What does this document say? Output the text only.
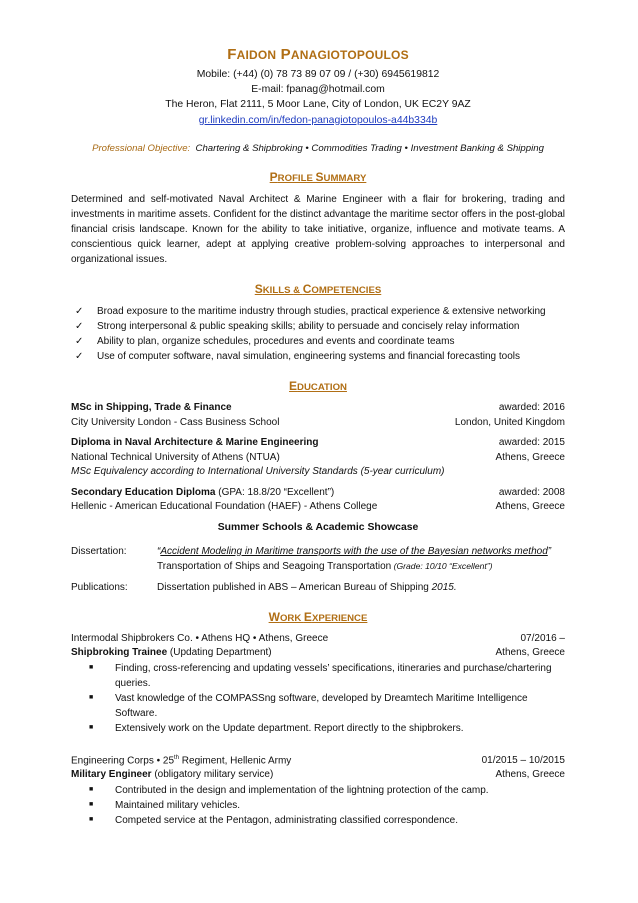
FAIDON PANAGIOTOPOULOS
Mobile: (+44) (0) 78 73 89 07 09 / (+30) 6945619812
E-mail: fpanag@hotmail.com
The Heron, Flat 2111, 5 Moor Lane, City of London, UK EC2Y 9AZ
gr.linkedin.com/in/fedon-panagiotopoulos-a44b334b
Professional Objective: Chartering & Shipbroking • Commodities Trading • Investment Banking & Shipping
PROFILE SUMMARY
Determined and self-motivated Naval Architect & Marine Engineer with a flair for brokering, trading and investments in maritime assets. Confident for the distinct advantage the maritime sector offers in the post-global financial crisis landscape. Known for the ability to take initiative, organize, influence and motivate teams. A conscientious quick learner, adept at applying creative problem-solving approaches to interpersonal and organizational issues.
SKILLS & COMPETENCIES
✓	Broad exposure to the maritime industry through studies, practical experience & extensive networking
✓	Strong interpersonal & public speaking skills; ability to persuade and concisely relay information
✓	Ability to plan, organize schedules, procedures and events and coordinate teams
✓	Use of computer software, naval simulation, engineering systems and financial forecasting tools
EDUCATION
MSc in Shipping, Trade & Finance	awarded: 2016
City University London - Cass Business School	London, United Kingdom
Diploma in Naval Architecture & Marine Engineering	awarded: 2015
National Technical University of Athens (NTUA)	Athens, Greece
MSc Equivalency according to International University Standards (5-year curriculum)
Secondary Education Diploma (GPA: 18.8/20 “Excellent”)	awarded: 2008
Hellenic - American Educational Foundation (HAEF) - Athens College	Athens, Greece
Summer Schools & Academic Showcase
Dissertation:	“Accident Modeling in Maritime transports with the use of the Bayesian networks method”
Transportation of Ships and Seagoing Transportation (Grade: 10/10 “Excellent”)
Publications:	Dissertation published in ABS – American Bureau of Shipping 2015.
WORK EXPERIENCE
Intermodal Shipbrokers Co. • Athens HQ • Athens, Greece	07/2016 –
Shipbroking Trainee (Updating Department)	Athens, Greece
■	Finding, cross-referencing and updating vessels’ specifications, itineraries and purchase/chartering queries.
■	Vast knowledge of the COMPASSng software, developed by Dreamtech Maritime Intelligence Software.
■	Extensively work on the Update department. Report directly to the shipbrokers.
Engineering Corps • 25th Regiment, Hellenic Army	01/2015 – 10/2015
Military Engineer (obligatory military service)	Athens, Greece
■	Contributed in the design and implementation of the lightning protection of the camp.
■	Maintained military vehicles.
■	Competed service at the Pentagon, administrating classified correspondence.
